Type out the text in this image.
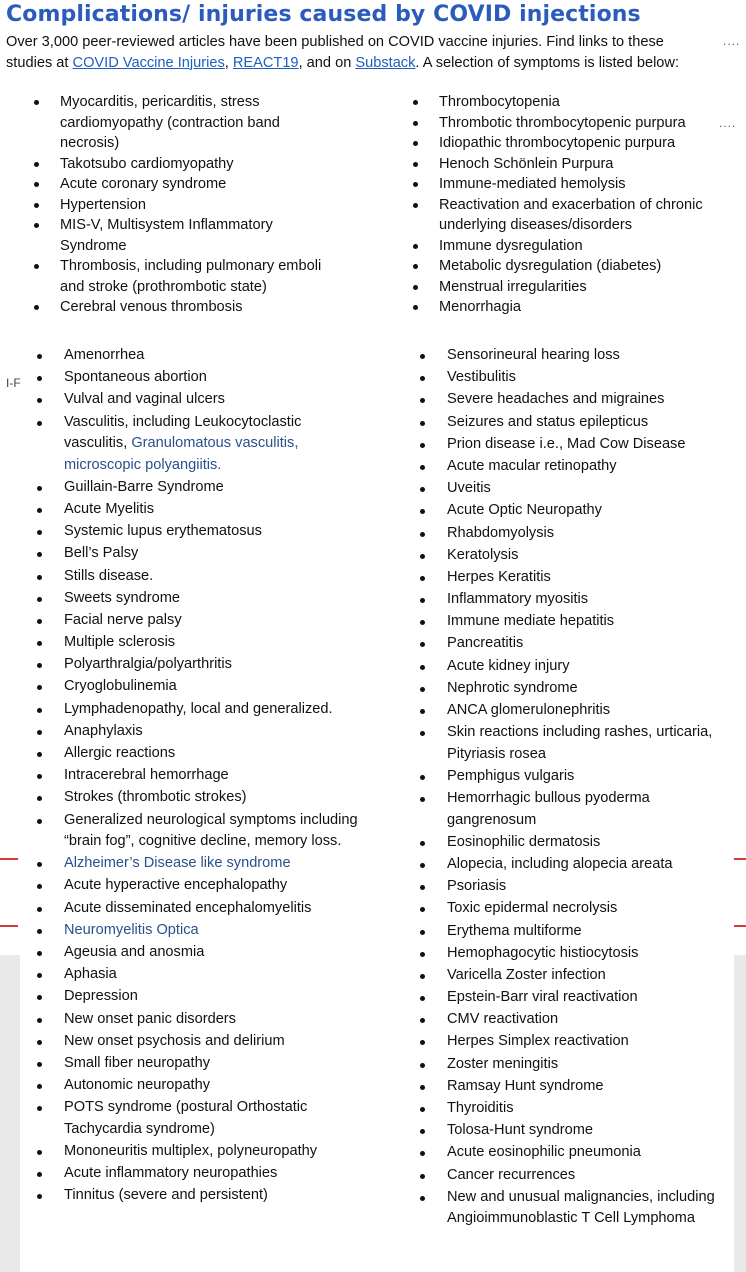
Complications/ injuries caused by COVID injections

Over 3,000 peer-reviewed articles have been published on COVID vaccine injuries. Find links to these studies at COVID Vaccine Injuries, REACT19, and on Substack. A selection of symptoms is listed below:

....
....
I-F
Myocarditis, pericarditis, stress cardiomyopathy (contraction band necrosis)
Takotsubo cardiomyopathy
Acute coronary syndrome
Hypertension
MIS-V, Multisystem Inflammatory Syndrome
Thrombosis, including pulmonary emboli and stroke (prothrombotic state)
Cerebral venous thrombosis
Thrombocytopenia
Thrombotic thrombocytopenic purpura
Idiopathic thrombocytopenic purpura
Henoch Schönlein Purpura
Immune-mediated hemolysis
Reactivation and exacerbation of chronic underlying diseases/disorders
Immune dysregulation
Metabolic dysregulation (diabetes)
Menstrual irregularities
Menorrhagia
Amenorrhea
Spontaneous abortion
Vulval and vaginal ulcers
Vasculitis, including Leukocytoclastic vasculitis, Granulomatous vasculitis, microscopic polyangiitis.
Guillain-Barre Syndrome
Acute Myelitis
Systemic lupus erythematosus
Bell’s Palsy
Stills disease.
Sweets syndrome
Facial nerve palsy
Multiple sclerosis
Polyarthralgia/polyarthritis
Cryoglobulinemia
Lymphadenopathy, local and generalized.
Anaphylaxis
Allergic reactions
Intracerebral hemorrhage
Strokes (thrombotic strokes)
Generalized neurological symptoms including “brain fog”, cognitive decline, memory loss.
Alzheimer’s Disease like syndrome
Acute hyperactive encephalopathy
Acute disseminated encephalomyelitis
Neuromyelitis Optica
Ageusia and anosmia
Aphasia
Depression
New onset panic disorders
New onset psychosis and delirium
Small fiber neuropathy
Autonomic neuropathy
POTS syndrome (postural Orthostatic Tachycardia syndrome)
Mononeuritis multiplex, polyneuropathy
Acute inflammatory neuropathies
Tinnitus (severe and persistent)
Sensorineural hearing loss
Vestibulitis
Severe headaches and migraines
Seizures and status epilepticus
Prion disease i.e., Mad Cow Disease
Acute macular retinopathy
Uveitis
Acute Optic Neuropathy
Rhabdomyolysis
Keratolysis
Herpes Keratitis
Inflammatory myositis
Immune mediate hepatitis
Pancreatitis
Acute kidney injury
Nephrotic syndrome
ANCA glomerulonephritis
Skin reactions including rashes, urticaria, Pityriasis rosea
Pemphigus vulgaris
Hemorrhagic bullous pyoderma gangrenosum
Eosinophilic dermatosis
Alopecia, including alopecia areata
Psoriasis
Toxic epidermal necrolysis
Erythema multiforme
Hemophagocytic histiocytosis
Varicella Zoster infection
Epstein-Barr viral reactivation
CMV reactivation
Herpes Simplex reactivation
Zoster meningitis
Ramsay Hunt syndrome
Thyroiditis
Tolosa-Hunt syndrome
Acute eosinophilic pneumonia
Cancer recurrences
New and unusual malignancies, including Angioimmunoblastic T Cell Lymphoma
